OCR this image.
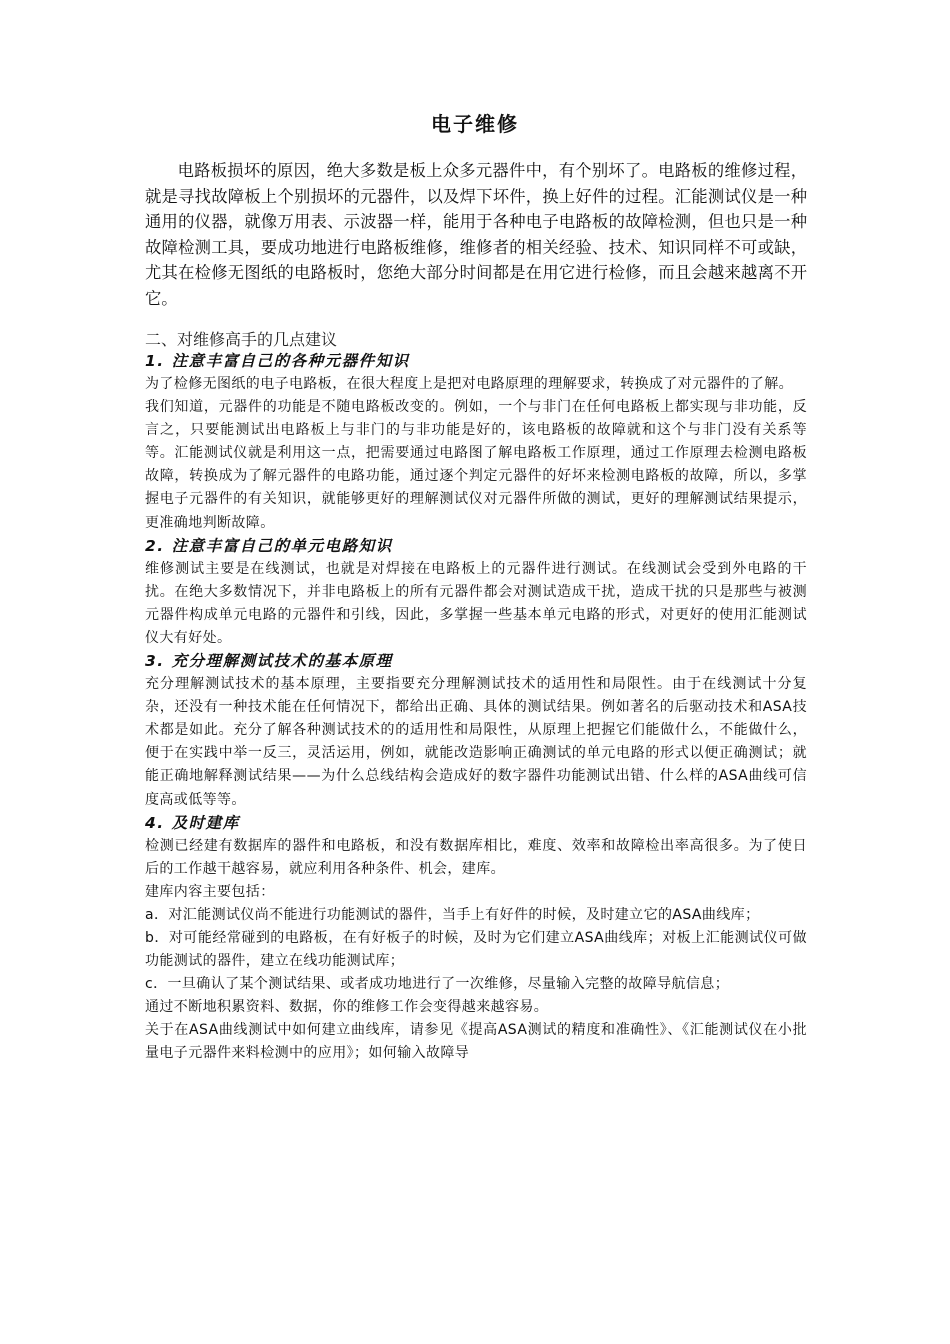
电子维修

电路板损坏的原因，绝大多数是板上众多元器件中，有个别坏了。电路板的维修过程，就是寻找故障板上个别损坏的元器件，以及焊下坏件，换上好件的过程。汇能测试仪是一种通用的仪器，就像万用表、示波器一样，能用于各种电子电路板的故障检测，但也只是一种故障检测工具，要成功地进行电路板维修，维修者的相关经验、技术、知识同样不可或缺，尤其在检修无图纸的电路板时，您绝大部分时间都是在用它进行检修，而且会越来越离不开它。

二、对维修高手的几点建议
1. 注意丰富自己的各种元器件知识

为了检修无图纸的电子电路板，在很大程度上是把对电路原理的理解要求，转换成了对元器件的了解。

我们知道，元器件的功能是不随电路板改变的。例如，一个与非门在任何电路板上都实现与非功能，反言之，只要能测试出电路板上与非门的与非功能是好的，该电路板的故障就和这个与非门没有关系等等。汇能测试仪就是利用这一点，把需要通过电路图了解电路板工作原理，通过工作原理去检测电路板故障，转换成为了解元器件的电路功能，通过逐个判定元器件的好坏来检测电路板的故障，所以，多掌握电子元器件的有关知识，就能够更好的理解测试仪对元器件所做的测试，更好的理解测试结果提示，更准确地判断故障。

2. 注意丰富自己的单元电路知识

维修测试主要是在线测试，也就是对焊接在电路板上的元器件进行测试。在线测试会受到外电路的干扰。在绝大多数情况下，并非电路板上的所有元器件都会对测试造成干扰，造成干扰的只是那些与被测元器件构成单元电路的元器件和引线，因此，多掌握一些基本单元电路的形式，对更好的使用汇能测试仪大有好处。

3. 充分理解测试技术的基本原理

充分理解测试技术的基本原理，主要指要充分理解测试技术的适用性和局限性。由于在线测试十分复杂，还没有一种技术能在任何情况下，都给出正确、具体的测试结果。例如著名的后驱动技术和ASA技术都是如此。充分了解各种测试技术的的适用性和局限性，从原理上把握它们能做什么，不能做什么，便于在实践中举一反三，灵活运用，例如，就能改造影响正确测试的单元电路的形式以便正确测试；就能正确地解释测试结果——为什么总线结构会造成好的数字器件功能测试出错、什么样的ASA曲线可信度高或低等等。

4. 及时建库

检测已经建有数据库的器件和电路板，和没有数据库相比，难度、效率和故障检出率高很多。为了使日后的工作越干越容易，就应利用各种条件、机会，建库。

建库内容主要包括：

a．对汇能测试仪尚不能进行功能测试的器件，当手上有好件的时候，及时建立它的ASA曲线库；

b．对可能经常碰到的电路板，在有好板子的时候，及时为它们建立ASA曲线库；对板上汇能测试仪可做功能测试的器件，建立在线功能测试库；

c．一旦确认了某个测试结果、或者成功地进行了一次维修，尽量输入完整的故障导航信息；

通过不断地积累资料、数据，你的维修工作会变得越来越容易。

关于在ASA曲线测试中如何建立曲线库，请参见《提高ASA测试的精度和准确性》、《汇能测试仪在小批量电子元器件来料检测中的应用》；如何输入故障导
